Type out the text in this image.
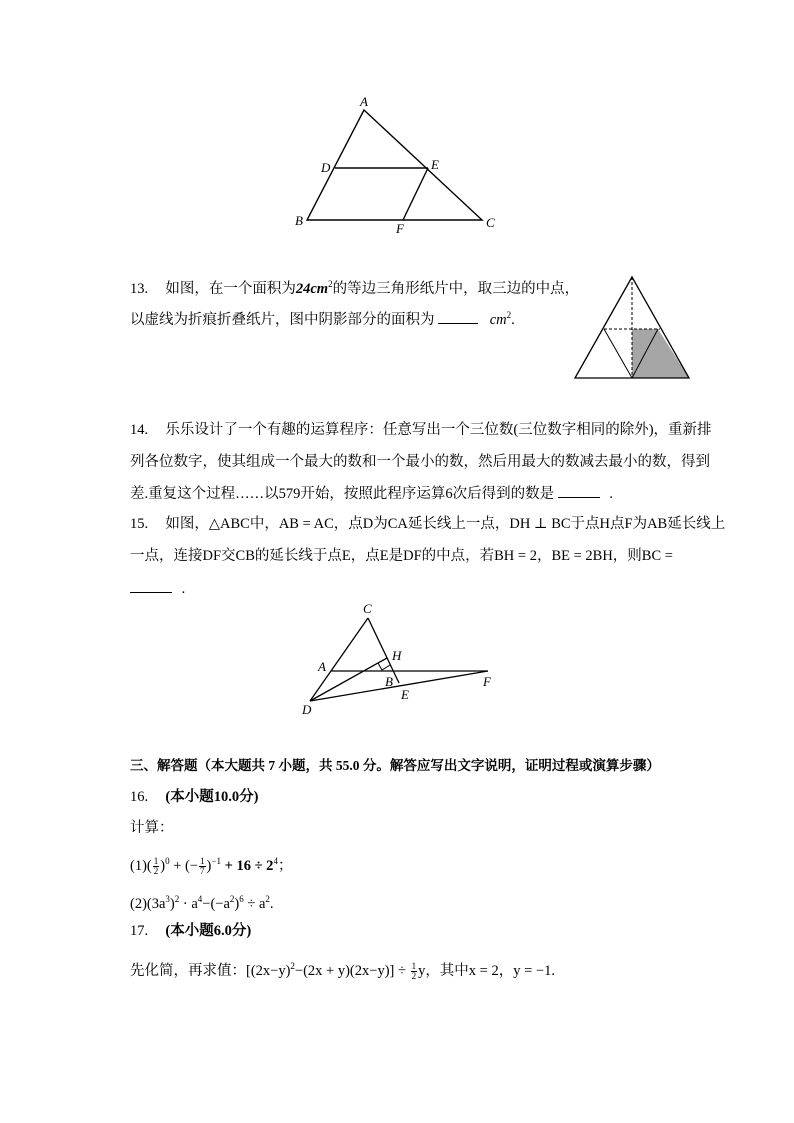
A
D	E
B
F	C
13. 如图，在一个面积为$24cm^2$的等边三角形纸片中，取三边的中点，
以虚线为折痕折叠纸片，图中阴影部分的面积为	$cm^2$.
14. 乐乐设计了一个有趣的运算程序：任意写出一个三位数(三位数字相同的除外)，重新排
列各位数字，使其组成一个最大的数和一个最小的数，然后用最大的数减去最小的数，得到
差.重复这个过程……以579开始，按照此程序运算6次后得到的数是	.
15. 如图，△ABC中，AB = AC，点D为CA延长线上一点，DH ⊥ BC于点H点F为AB延长线上
一点，连接DF交CB的延长线于点E，点E是DF的中点，若BH = 2，BE = 2BH，则BC =
.
C
H
A
B	F
E
D
三、解答题（本大题共 7 小题，共 55.0 分。解答应写出文字说明，证明过程或演算步骤）
16. (本小题10.0分)
计算：
$(1)( \frac{1}{2} )^0$ + (− $\frac{1}{7} )^{-1} + 16 \div 2^4$；
$(2)(3a^3)^2 \cdot a^4-(-a^2)^6 \div a^2$.
17. (本小题6.0分)
先化简，再求值：$[(2x-y)^2-(2x + y)(2x-y)] \div \frac{1}{2}$ y，其中x = 2，y = −1.
